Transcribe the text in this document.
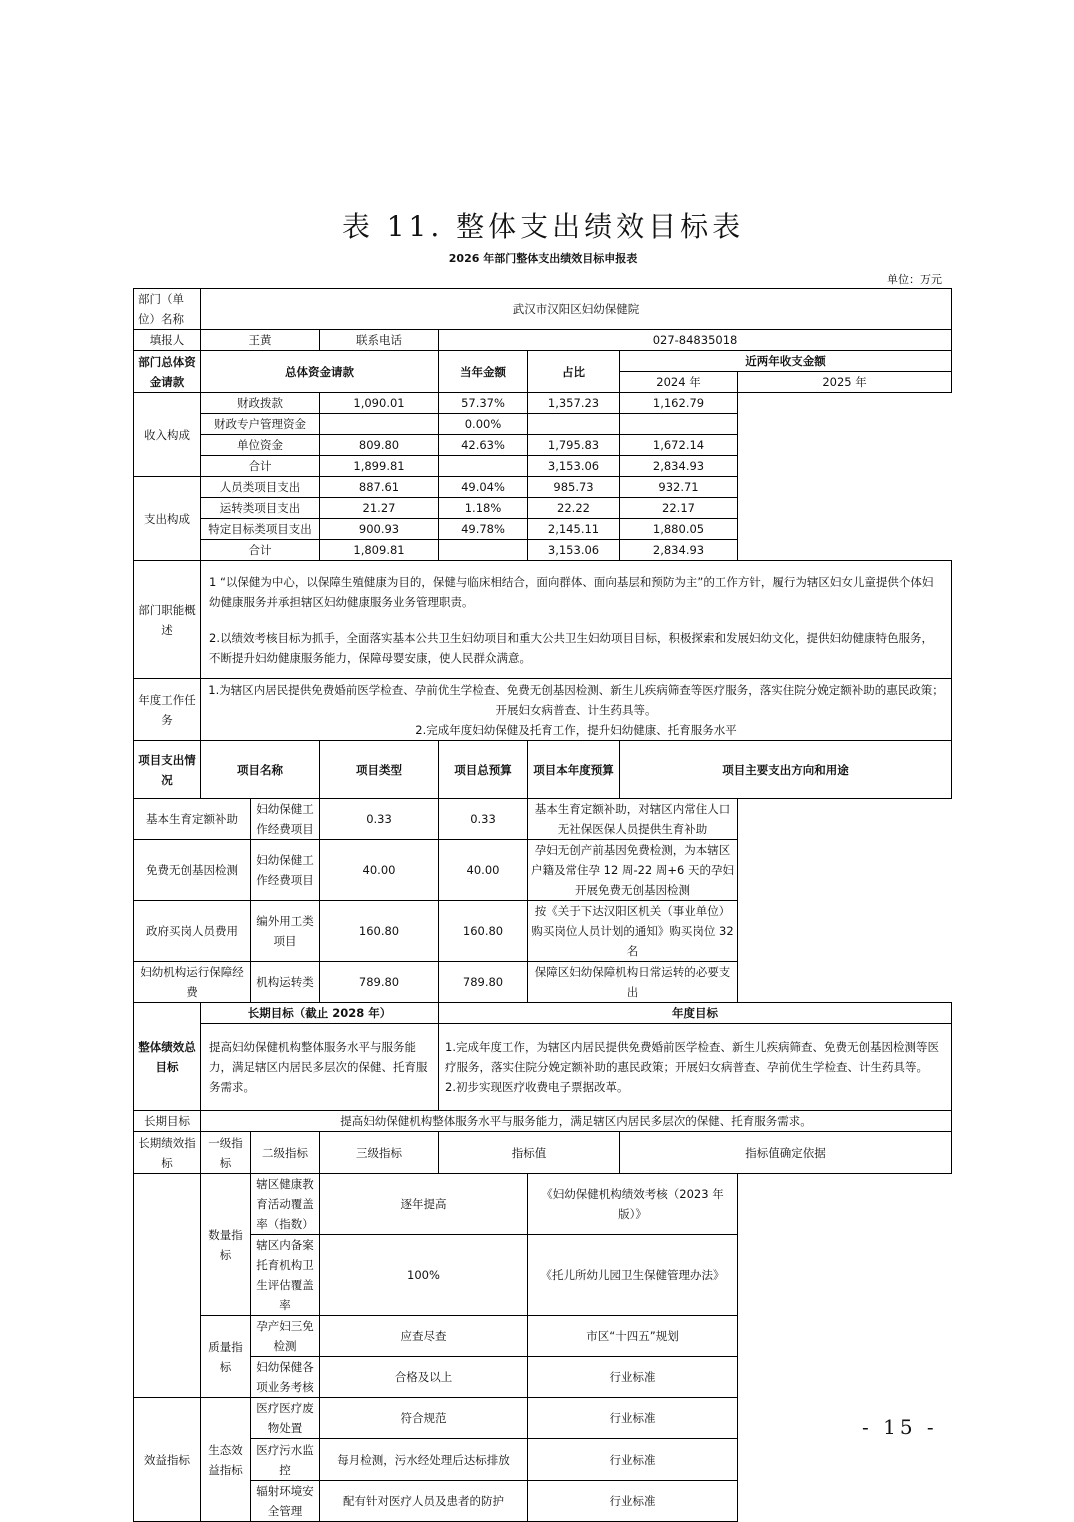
表 11. 整体支出绩效目标表
2026 年部门整体支出绩效目标申报表
单位：万元
部门（单位）名称	武汉市汉阳区妇幼保健院						
填报人	王黄		联系电话	027-84835018			
部门总体资金请款	总体资金请款			当年金额	占比	近两年收支金额	
						2024 年	2025 年
收入构成	财政拨款		1,090.01	57.37%	1,357.23	1,162.79	
	财政专户管理资金			0.00%			
	单位资金		809.80	42.63%	1,795.83	1,672.14	
	合计		1,899.81		3,153.06	2,834.93	
支出构成	人员类项目支出		887.61	49.04%	985.73	932.71	
	运转类项目支出		21.27	1.18%	22.22	22.17	
	特定目标类项目支出		900.93	49.78%	2,145.11	1,880.05	
	合计		1,809.81		3,153.06	2,834.93	
部门职能概述	1 “以保健为中心，以保障生殖健康为目的，保健与临床相结合，面向群体、面向基层和预防为主”的工作方针，履行为辖区妇女儿童提供个体妇幼健康服务并承担辖区妇幼健康服务业务管理职责。
2.以绩效考核目标为抓手，全面落实基本公共卫生妇幼项目和重大公共卫生妇幼项目目标，积极探索和发展妇幼文化，提供妇幼健康特色服务，不断提升妇幼健康服务能力，保障母婴安康，使人民群众满意。						

年度工作任务	1.为辖区内居民提供免费婚前医学检查、孕前优生学检查、免费无创基因检测、新生儿疾病筛查等医疗服务，落实住院分娩定额补助的惠民政策；开展妇女病普查、计生药具等。
2.完成年度妇幼保健及托育工作，提升妇幼健康、托育服务水平						

项目支出情况	项目名称		项目类型	项目总预算	项目本年度预算	项目主要支出方向和用途	
基本生育定额补助		妇幼保健工作经费项目	0.33	0.33	基本生育定额补助，对辖区内常住人口无社保医保人员提供生育补助		
免费无创基因检测		妇幼保健工作经费项目	40.00	40.00	孕妇无创产前基因免费检测，为本辖区户籍及常住孕 12 周-22 周+6 天的孕妇开展免费无创基因检测		
政府买岗人员费用		编外用工类项目	160.80	160.80	按《关于下达汉阳区机关（事业单位）购买岗位人员计划的通知》购买岗位 32 名		
妇幼机构运行保障经费		机构运转类	789.80	789.80	保障区妇幼保障机构日常运转的必要支出		
整体绩效总目标	长期目标（截止 2028 年）			年度目标			
	提高妇幼保健机构整体服务水平与服务能力，满足辖区内居民多层次的保健、托育服务需求。			1.完成年度工作，为辖区内居民提供免费婚前医学检查、新生儿疾病筛查、免费无创基因检测等医疗服务，落实住院分娩定额补助的惠民政策；开展妇女病普查、孕前优生学检查、计生药具等。
2.初步实现医疗收费电子票据改革。			

长期目标	提高妇幼保健机构整体服务水平与服务能力，满足辖区内居民多层次的保健、托育服务需求。						
长期绩效指标	一级指标	二级指标	三级指标	指标值		指标值确定依据	
	数量指标	辖区健康教育活动覆盖率（指数）	逐年提高		《妇幼保健机构绩效考核（2023 年版）》		
		辖区内备案托育机构卫生评估覆盖率	100%		《托儿所幼儿园卫生保健管理办法》		
	质量指标	孕产妇三免检测	应查尽查		市区“十四五”规划		
		妇幼保健各项业务考核	合格及以上		行业标准		
效益指标	生态效益指标	医疗医疗废物处置	符合规范		行业标准		
		医疗污水监控	每月检测，污水经处理后达标排放		行业标准		
		辐射环境安全管理	配有针对医疗人员及患者的防护		行业标准		
- 15 -
